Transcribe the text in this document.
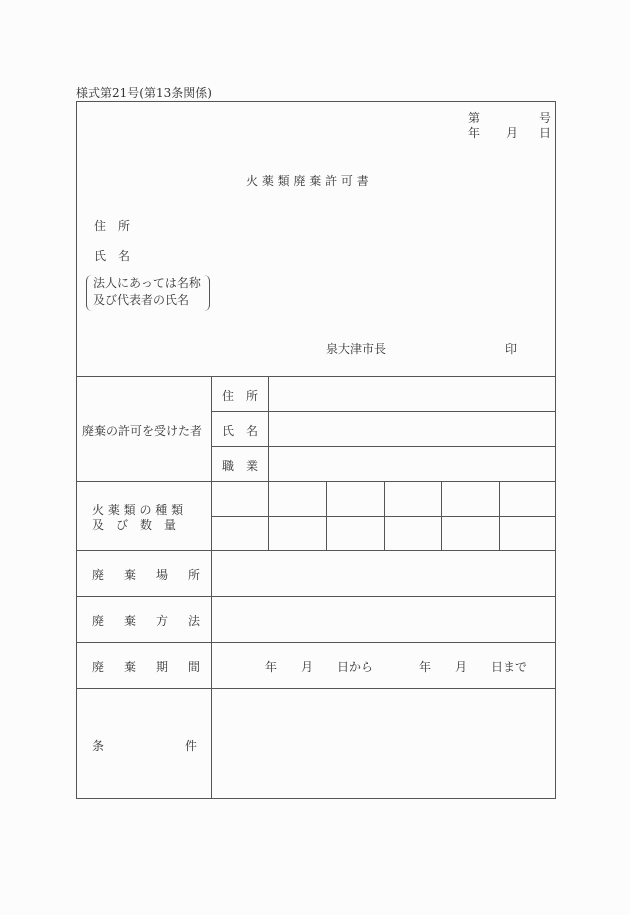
様式第21号(第13条関係)
第	号
年 月 日
火 薬 類 廃 棄 許 可 書
住　所
氏　名
法人にあっては名称
及び代表者の氏名
泉大津市長	印
廃棄の許可を受けた者
住　所
氏　名
職　業
火 薬 類 の 種 類
及　び　数　量
廃　棄　場　所
廃　棄　方　法
廃　棄　期　間	年 月 日から	年 月 日まで
条	件
